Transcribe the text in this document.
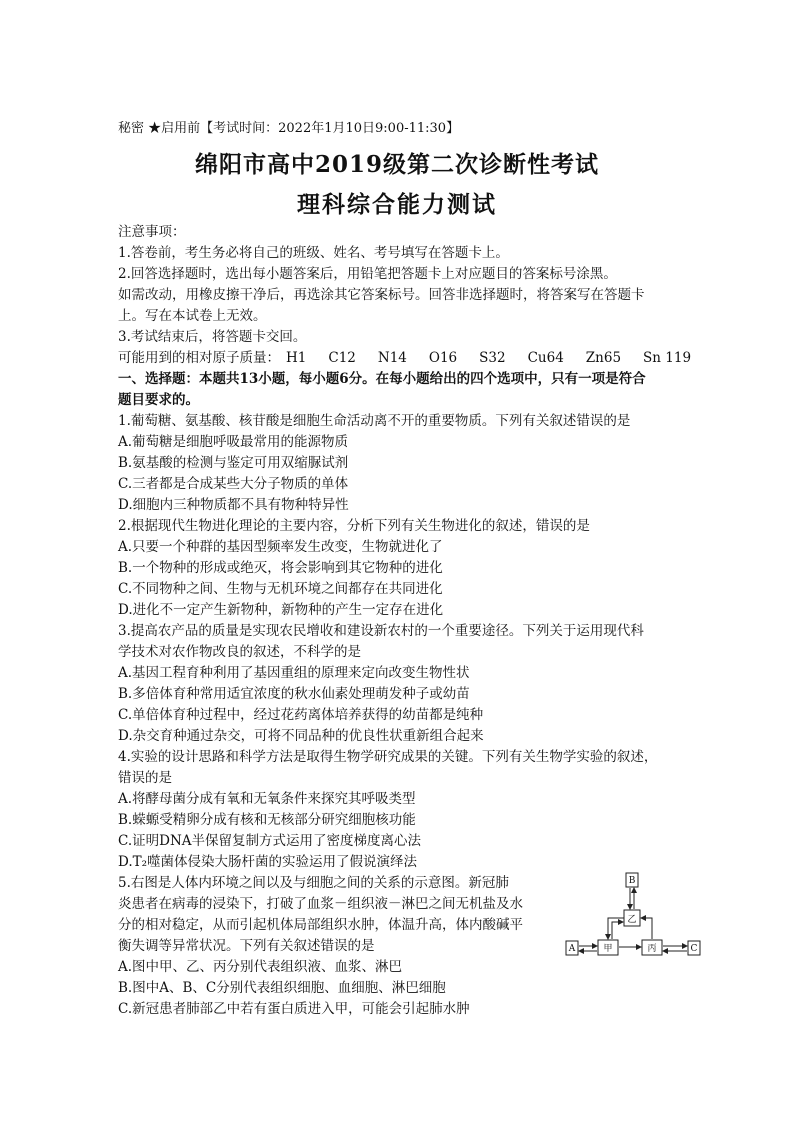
秘密 ★启用前【考试时间：2022年1月10日9:00-11:30】
绵阳市高中2019级第二次诊断性考试
理科综合能力测试
注意事项：
1.答卷前，考生务必将自己的班级、姓名、考号填写在答题卡上。
2.回答选择题时，选出每小题答案后，用铅笔把答题卡上对应题目的答案标号涂黑。
如需改动，用橡皮擦干净后，再选涂其它答案标号。回答非选择题时，将答案写在答题卡
上。写在本试卷上无效。
3.考试结束后，将答题卡交回。
可能用到的相对原子质量： H1 C12 N14 O16 S32 Cu64 Zn65 Sn 119
一、选择题：本题共13小题，每小题6分。在每小题给出的四个选项中，只有一项是符合
题目要求的。
1.葡萄糖、氨基酸、核苷酸是细胞生命活动离不开的重要物质。下列有关叙述错误的是
A.葡萄糖是细胞呼吸最常用的能源物质
B.氨基酸的检测与鉴定可用双缩脲试剂
C.三者都是合成某些大分子物质的单体
D.细胞内三种物质都不具有物种特异性
2.根据现代生物进化理论的主要内容，分析下列有关生物进化的叙述，错误的是
A.只要一个种群的基因型频率发生改变，生物就进化了
B.一个物种的形成或绝灭，将会影响到其它物种的进化
C.不同物种之间、生物与无机环境之间都存在共同进化
D.进化不一定产生新物种，新物种的产生一定存在进化
3.提高农产品的质量是实现农民增收和建设新农村的一个重要途径。下列关于运用现代科
学技术对农作物改良的叙述，不科学的是
A.基因工程育种利用了基因重组的原理来定向改变生物性状
B.多倍体育种常用适宜浓度的秋水仙素处理萌发种子或幼苗
C.单倍体育种过程中，经过花药离体培养获得的幼苗都是纯种
D.杂交育种通过杂交，可将不同品种的优良性状重新组合起来
4.实验的设计思路和科学方法是取得生物学研究成果的关键。下列有关生物学实验的叙述，
错误的是
A.将酵母菌分成有氧和无氧条件来探究其呼吸类型
B.蝾螈受精卵分成有核和无核部分研究细胞核功能
C.证明DNA半保留复制方式运用了密度梯度离心法
D.T₂噬菌体侵染大肠杆菌的实验运用了假说演绎法
5.右图是人体内环境之间以及与细胞之间的关系的示意图。新冠肺
炎患者在病毒的浸染下，打破了血浆－组织液－淋巴之间无机盐及水
分的相对稳定，从而引起机体局部组织水肿，体温升高，体内酸碱平
衡失调等异常状况。下列有关叙述错误的是
A.图中甲、乙、丙分别代表组织液、血浆、淋巴
B.图中A、B、C分别代表组织细胞、血细胞、淋巴细胞
C.新冠患者肺部乙中若有蛋白质进入甲，可能会引起肺水肿
B
乙
甲	丙
A	C
